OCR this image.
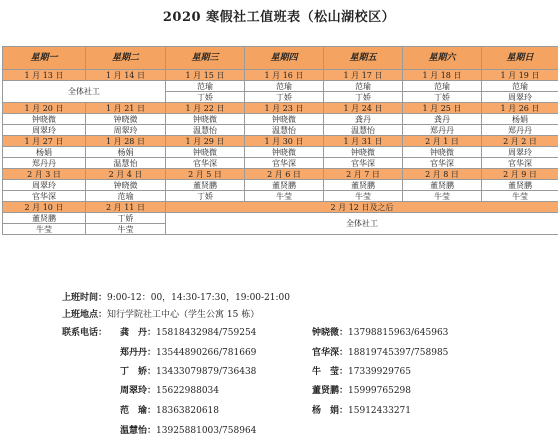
2020 寒假社工值班表（松山湖校区）
星期一	星期二	星期三	星期四	星期五	星期六	星期日
1 月 13 日	1 月 14 日	1 月 15 日	1 月 16 日	1 月 17 日	1 月 18 日	1 月 19 日
全体社工		范瑜	范瑜	范瑜	范瑜	范瑜
		丁娇	丁娇	丁娇	丁娇	周翠玲
1 月 20 日	1 月 21 日	1 月 22 日	1 月 23 日	1 月 24 日	1 月 25 日	1 月 26 日
钟晓微	钟晓微	钟晓微	钟晓微	龚丹	龚丹	杨娟
周翠玲	周翠玲	温慧怡	温慧怡	温慧怡	郑丹丹	郑丹丹
1 月 27 日	1 月 28 日	1 月 29 日	1 月 30 日	1 月 31 日	2 月 1 日	2 月 2 日
杨娟	杨娟	钟晓微	钟晓微	钟晓微	钟晓微	周翠玲
郑丹丹	温慧怡	官华深	官华深	官华深	官华深	官华深
2 月 3 日	2 月 4 日	2 月 5 日	2 月 6 日	2 月 7 日	2 月 8 日	2 月 9 日
周翠玲	钟晓微	董贤鹏	董贤鹏	董贤鹏	董贤鹏	董贤鹏
官华深	范瑜	丁娇	牛莹	牛莹	牛莹	牛莹
2 月 10 日	2 月 11 日	2 月 12 日及之后				
董贤鹏	丁娇	全体社工				
牛莹	牛莹					
上班时间：9:00-12：00，14:30-17:30，19:00-21:00
上班地点：知行学院社工中心（学生公寓 15 栋）
联系电话： 龚　丹：15818432984/759254
郑丹丹：13544890266/781669
丁　娇：13433079879/736438
周翠玲：15622988034
范　瑜：18363820618
温慧怡：13925881003/758964
钟晓微：13798815963/645963
官华深：18819745397/758985
牛　莹：17339929765
董贤鹏：15999765298
杨　娟：15912433271
